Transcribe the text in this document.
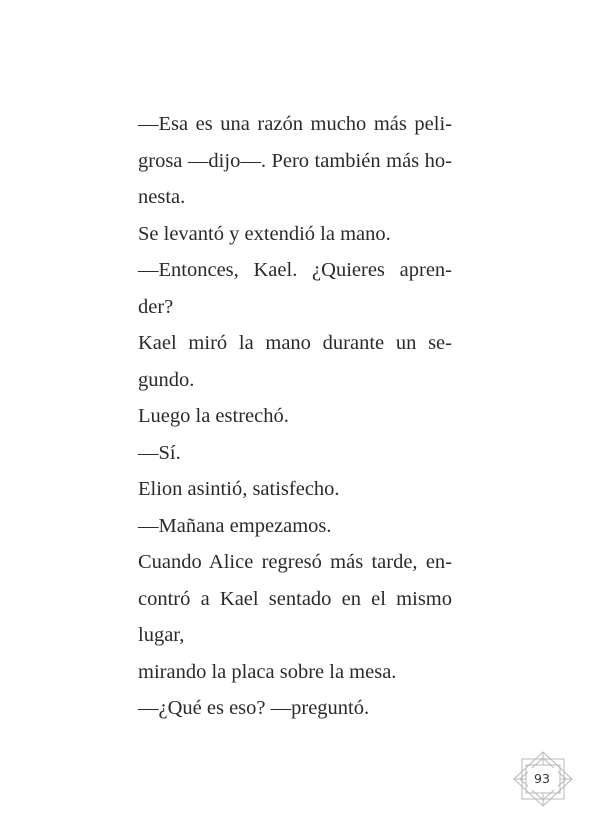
—Esa es una razón mucho más peli-
grosa —dijo—. Pero también más ho-
nesta.

Se levantó y extendió la mano.

—Entonces, Kael. ¿Quieres apren-
der?

Kael miró la mano durante un se-
gundo.

Luego la estrechó.

—Sí.

Elion asintió, satisfecho.

—Mañana empezamos.

Cuando Alice regresó más tarde, en-
contró a Kael sentado en el mismo lugar,
mirando la placa sobre la mesa.

—¿Qué es eso? —preguntó.

93
